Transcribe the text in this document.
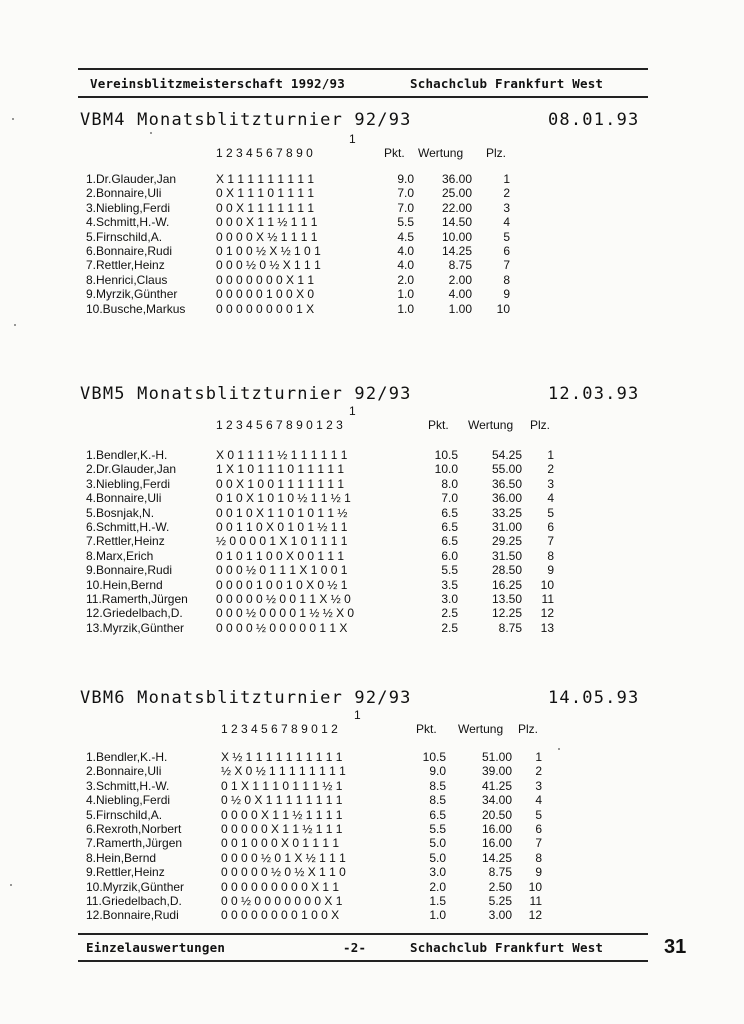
Vereinsblitzmeisterschaft 1992/93	Schachclub Frankfurt West
VBM4 Monatsblitzturnier 92/93	08.01.93
1
1 2 3 4 5 6 7 8 9 0	Pkt. Wertung Plz.
1.Dr.Glauder,Jan	X 1 1 1 1 1 1 1 1 1	9.0	36.00	1
2.Bonnaire,Uli	0 X 1 1 1 0 1 1 1 1	7.0	25.00	2
3.Niebling,Ferdi	0 0 X 1 1 1 1 1 1 1	7.0	22.00	3
4.Schmitt,H.-W.	0 0 0 X 1 1 ½ 1 1 1	5.5	14.50	4
5.Firnschild,A.	0 0 0 0 X ½ 1 1 1 1	4.5	10.00	5
6.Bonnaire,Rudi	0 1 0 0 ½ X ½ 1 0 1	4.0	14.25	6
7.Rettler,Heinz	0 0 0 ½ 0 ½ X 1 1 1	4.0	8.75	7
8.Henrici,Claus	0 0 0 0 0 0 0 X 1 1	2.0	2.00	8
9.Myrzik,Günther	0 0 0 0 0 1 0 0 X 0	1.0	4.00	9
10.Busche,Markus	0 0 0 0 0 0 0 0 1 X	1.0	1.00	10
VBM5 Monatsblitzturnier 92/93	12.03.93
1
1 2 3 4 5 6 7 8 9 0 1 2 3	Pkt. Wertung Plz.
1.Bendler,K.-H.	X 0 1 1 1 1 ½ 1 1 1 1 1 1	10.5	54.25	1
2.Dr.Glauder,Jan	1 X 1 0 1 1 1 0 1 1 1 1 1	10.0	55.00	2
3.Niebling,Ferdi	0 0 X 1 0 0 1 1 1 1 1 1 1	8.0	36.50	3
4.Bonnaire,Uli	0 1 0 X 1 0 1 0 ½ 1 1 ½ 1	7.0	36.00	4
5.Bosnjak,N.	0 0 1 0 X 1 1 0 1 0 1 1 ½	6.5	33.25	5
6.Schmitt,H.-W.	0 0 1 1 0 X 0 1 0 1 ½ 1 1	6.5	31.00	6
7.Rettler,Heinz	½ 0 0 0 0 1 X 1 0 1 1 1 1	6.5	29.25	7
8.Marx,Erich	0 1 0 1 1 0 0 X 0 0 1 1 1	6.0	31.50	8
9.Bonnaire,Rudi	0 0 0 ½ 0 1 1 1 X 1 0 0 1	5.5	28.50	9
10.Hein,Bernd	0 0 0 0 1 0 0 1 0 X 0 ½ 1	3.5	16.25	10
11.Ramerth,Jürgen 0 0 0 0 0 ½ 0 0 1 1 X ½ 0	3.0	13.50	11
12.Griedelbach,D.	0 0 0 ½ 0 0 0 0 1 ½ ½ X 0	2.5	12.25	12
13.Myrzik,Günther	0 0 0 0 ½ 0 0 0 0 0 1 1 X	2.5	8.75	13
VBM6 Monatsblitzturnier 92/93	14.05.93
1
1 2 3 4 5 6 7 8 9 0 1 2	Pkt. Wertung Plz.
1.Bendler,K.-H.	X ½ 1 1 1 1 1 1 1 1 1 1	10.5	51.00	1
2.Bonnaire,Uli	½ X 0 ½ 1 1 1 1 1 1 1 1	9.0	39.00	2
3.Schmitt,H.-W.	0 1 X 1 1 1 0 1 1 1 ½ 1	8.5	41.25	3
4.Niebling,Ferdi	0 ½ 0 X 1 1 1 1 1 1 1 1	8.5	34.00	4
5.Firnschild,A.	0 0 0 0 X 1 1 ½ 1 1 1 1	6.5	20.50	5
6.Rexroth,Norbert	0 0 0 0 0 X 1 1 ½ 1 1 1	5.5	16.00	6
7.Ramerth,Jürgen	0 0 1 0 0 0 X 0 1 1 1 1	5.0	16.00	7
8.Hein,Bernd	0 0 0 0 ½ 0 1 X ½ 1 1 1	5.0	14.25	8
9.Rettler,Heinz	0 0 0 0 0 ½ 0 ½ X 1 1 0	3.0	8.75	9
10.Myrzik,Günther	0 0 0 0 0 0 0 0 0 X 1 1	2.0	2.50	10
11.Griedelbach,D.	0 0 ½ 0 0 0 0 0 0 0 X 1	1.5	5.25	11
12.Bonnaire,Rudi	0 0 0 0 0 0 0 0 1 0 0 X	1.0	3.00	12
Einzelauswertungen	-2-	Schachclub Frankfurt West	31
